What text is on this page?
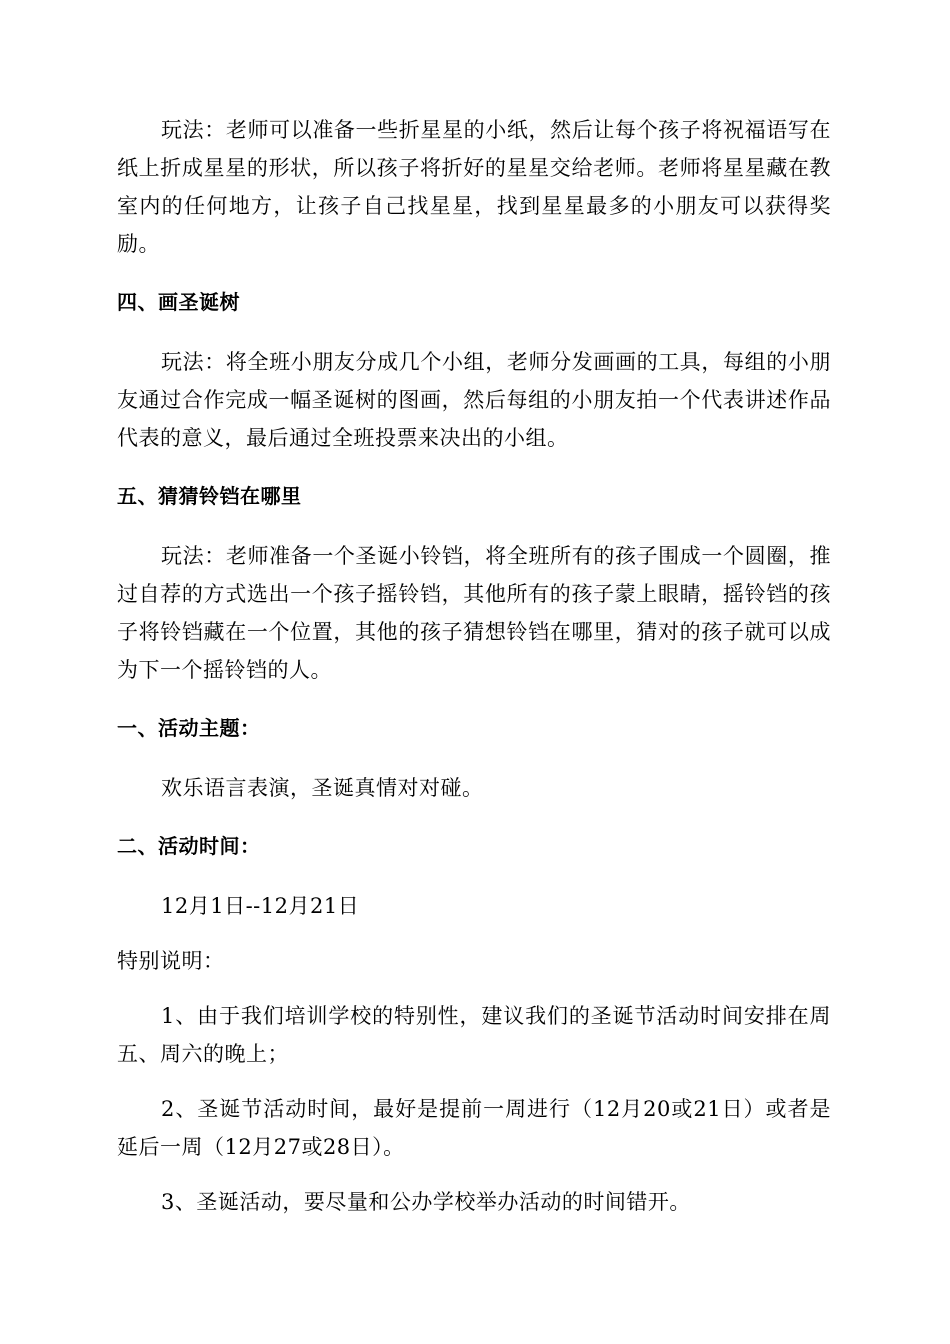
玩法：老师可以准备一些折星星的小纸，然后让每个孩子将祝福语写在纸上折成星星的形状，所以孩子将折好的星星交给老师。老师将星星藏在教室内的任何地方，让孩子自己找星星，找到星星最多的小朋友可以获得奖励。

四、画圣诞树

玩法：将全班小朋友分成几个小组，老师分发画画的工具，每组的小朋友通过合作完成一幅圣诞树的图画，然后每组的小朋友拍一个代表讲述作品代表的意义，最后通过全班投票来决出的小组。

五、猜猜铃铛在哪里

玩法：老师准备一个圣诞小铃铛，将全班所有的孩子围成一个圆圈，推过自荐的方式选出一个孩子摇铃铛，其他所有的孩子蒙上眼睛，摇铃铛的孩子将铃铛藏在一个位置，其他的孩子猜想铃铛在哪里，猜对的孩子就可以成为下一个摇铃铛的人。

一、活动主题：

欢乐语言表演，圣诞真情对对碰。

二、活动时间：

12月1日--12月21日

特别说明：

1、由于我们培训学校的特别性，建议我们的圣诞节活动时间安排在周五、周六的晚上；

2、圣诞节活动时间，最好是提前一周进行（12月20或21日）或者是延后一周（12月27或28日）。

3、圣诞活动，要尽量和公办学校举办活动的时间错开。
